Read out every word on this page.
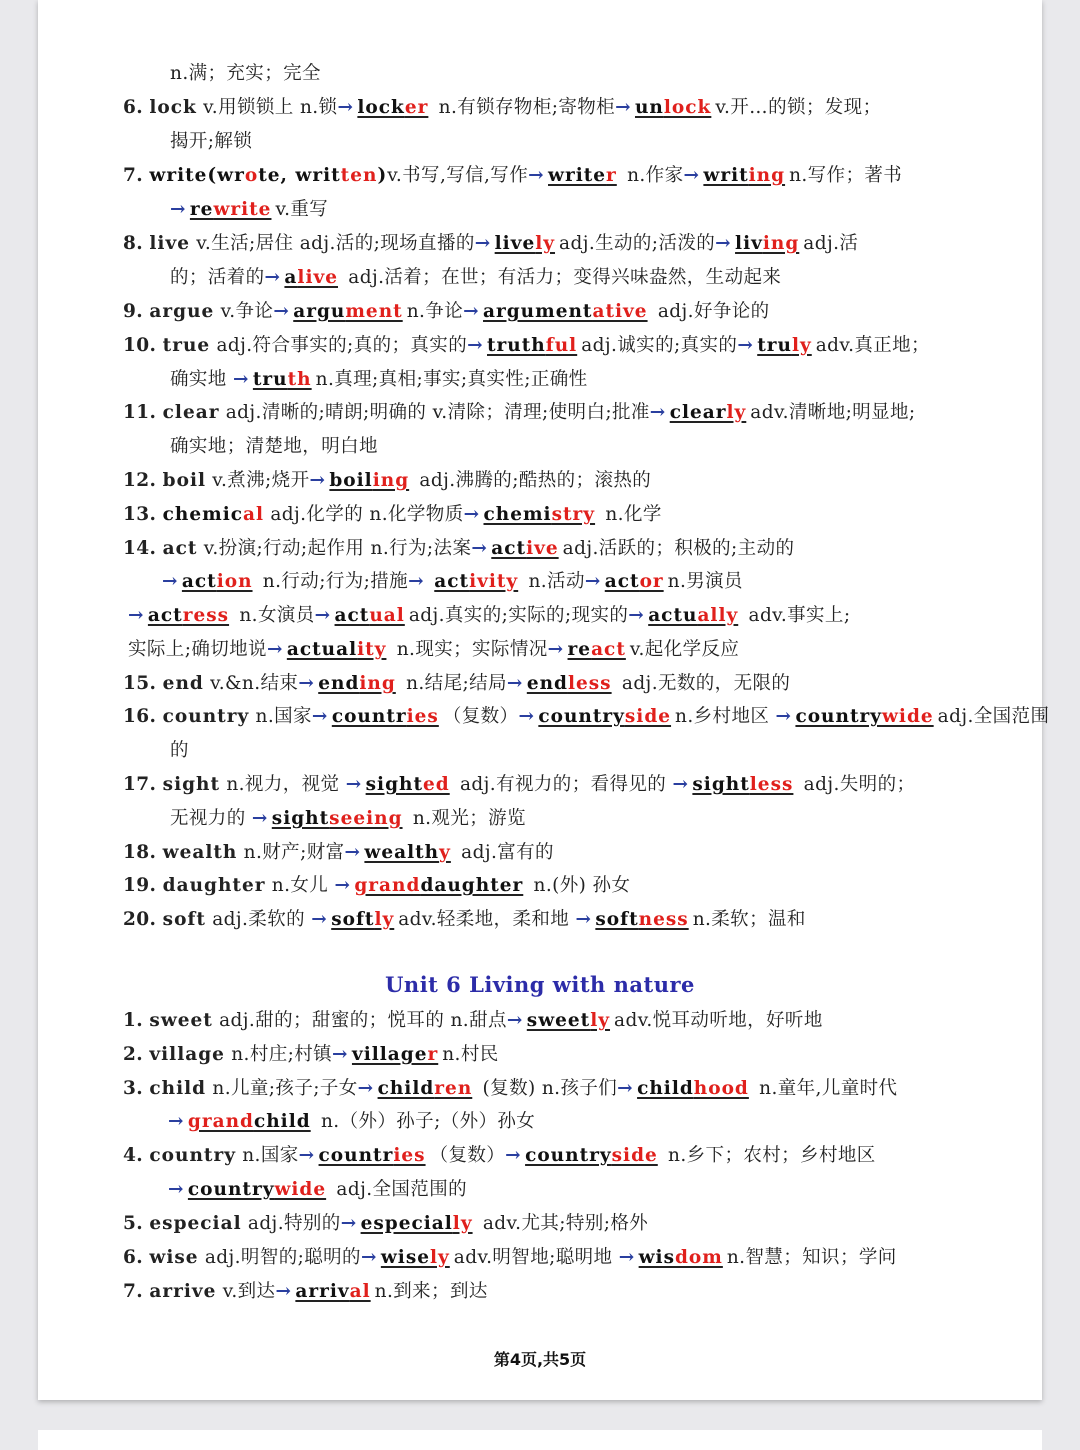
n.满；充实；完全
6. lock v.用锁锁上 n.锁→ locker n.有锁存物柜;寄物柜→ unlock v.开…的锁；发现；
揭开;解锁
7. write(wrote, written)v.书写,写信,写作→ writer n.作家→ writing n.写作；著书
→ rewrite v.重写
8. live v.生活;居住 adj.活的;现场直播的→ lively adj.生动的;活泼的→ living adj.活
的；活着的→ alive adj.活着；在世；有活力；变得兴味盎然，生动起来
9. argue v.争论→ argument n.争论→ argumentative adj.好争论的
10. true adj.符合事实的;真的；真实的→ truthful adj.诚实的;真实的→ truly adv.真正地；
确实地 → truth n.真理;真相;事实;真实性;正确性
11. clear adj.清晰的;晴朗;明确的 v.清除；清理;使明白;批准→ clearly adv.清晰地;明显地;
确实地；清楚地，明白地
12. boil v.煮沸;烧开→ boiling adj.沸腾的;酷热的；滚热的
13. chemical adj.化学的 n.化学物质→ chemistry n.化学
14. act v.扮演;行动;起作用 n.行为;法案→ active adj.活跃的；积极的;主动的
→ action n.行动;行为;措施→ activity n.活动→ actor n.男演员
→ actress n.女演员→ actual adj.真实的;实际的;现实的→ actually adv.事实上;
实际上;确切地说→ actuality n.现实；实际情况→ react v.起化学反应
15. end v.&n.结束→ ending n.结尾;结局→ endless adj.无数的，无限的
16. country n.国家→ countries （复数）→ countryside n.乡村地区 → countrywide adj.全国范围
的
17. sight n.视力，视觉 → sighted adj.有视力的；看得见的 → sightless adj.失明的；
无视力的 → sightseeing n.观光；游览
18. wealth n.财产;财富→ wealthy adj.富有的
19. daughter n.女儿 → granddaughter n.(外) 孙女
20. soft adj.柔软的 → softly adv.轻柔地，柔和地 → softness n.柔软；温和
1. sweet adj.甜的；甜蜜的；悦耳的 n.甜点→ sweetly adv.悦耳动听地，好听地
2. village n.村庄;村镇→ villager n.村民
3. child n.儿童;孩子;子女→ children (复数) n.孩子们→ childhood n.童年,儿童时代
→ grandchild n.（外）孙子;（外）孙女
4. country n.国家→ countries （复数）→ countryside n.乡下；农村；乡村地区
→ countrywide adj.全国范围的
5. especial adj.特别的→ especially adv.尤其;特别;格外
6. wise adj.明智的;聪明的→ wisely adv.明智地;聪明地 → wisdom n.智慧；知识；学问
7. arrive v.到达→ arrival n.到来；到达
Unit 6 Living with nature
第4页,共5页
